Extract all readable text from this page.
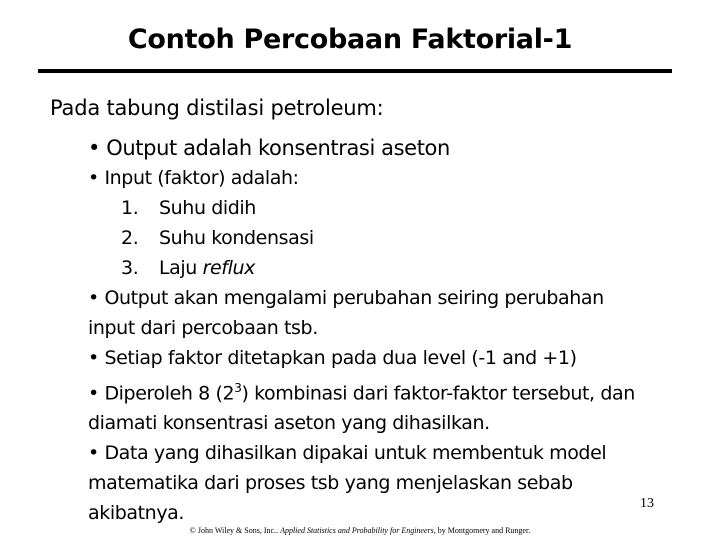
Contoh Percobaan Faktorial-1
Pada tabung distilasi petroleum:
• Output adalah konsentrasi aseton
• Input (faktor) adalah:
1. Suhu didih
2. Suhu kondensasi
3. Laju reflux
• Output akan mengalami perubahan seiring perubahan
input dari percobaan tsb.
• Setiap faktor ditetapkan pada dua level (-1 and +1)
• Diperoleh 8 $(2^3)$ kombinasi dari faktor-faktor tersebut, dan
diamati konsentrasi aseton yang dihasilkan.
• Data yang dihasilkan dipakai untuk membentuk model
matematika dari proses tsb yang menjelaskan sebab
akibatnya.	13
© John Wiley & Sons, Inc.. Applied Statistics and Probability for Engineers, by Montgomery and Runger.
